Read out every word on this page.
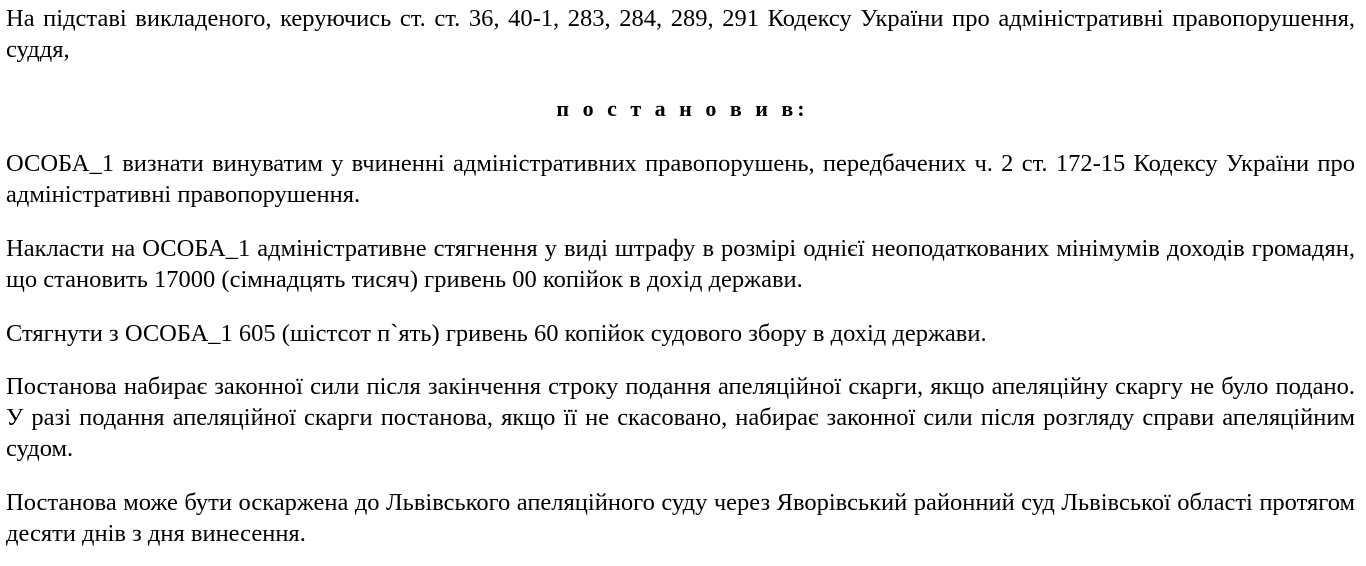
На підставі викладеного, керуючись ст. ст. 36, 40-1, 283, 284, 289, 291 Кодексу України про адміністративні правопорушення, суддя,

п о с т а н о в и в:

ОСОБА_1 визнати винуватим у вчиненні адміністративних правопорушень, передбачених ч. 2 ст. 172-15 Кодексу України про адміністративні правопорушення.

Накласти на ОСОБА_1 адміністративне стягнення у виді штрафу в розмірі однієї неоподаткованих мінімумів доходів громадян, що становить 17000 (сімнадцять тисяч) гривень 00 копійок в дохід держави.

Стягнути з ОСОБА_1 605 (шістсот п`ять) гривень 60 копійок судового збору в дохід держави.

Постанова набирає законної сили після закінчення строку подання апеляційної скарги, якщо апеляційну скаргу не було подано. У разі подання апеляційної скарги постанова, якщо її не скасовано, набирає законної сили після розгляду справи апеляційним судом.

Постанова може бути оскаржена до Львівського апеляційного суду через Яворівський районний суд Львівської області протягом десяти днів з дня винесення.
